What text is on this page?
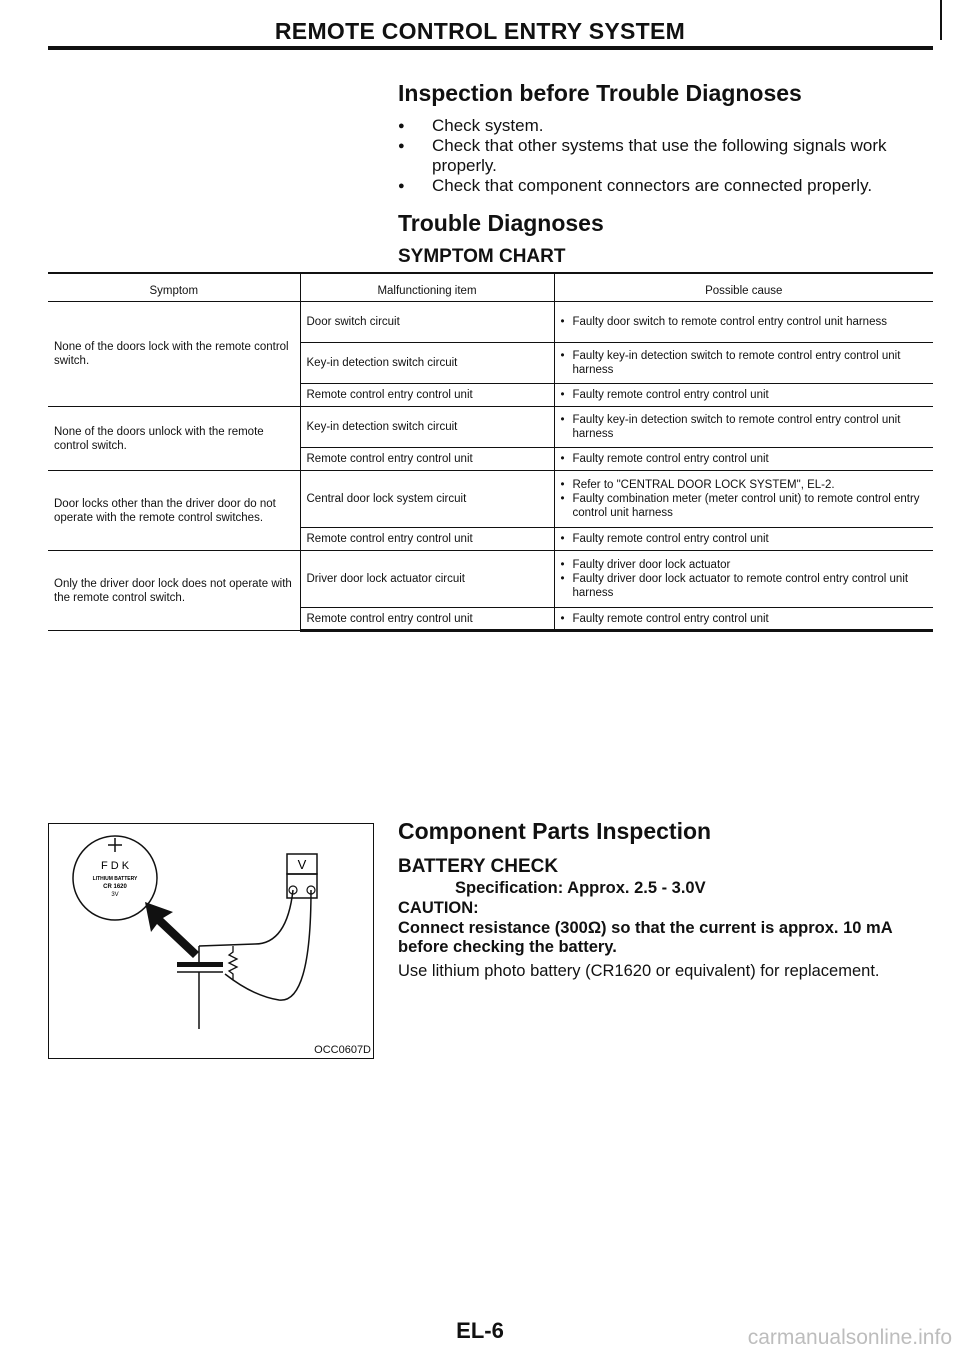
REMOTE CONTROL ENTRY SYSTEM
Inspection before Trouble Diagnoses
● Check system.
● Check that other systems that use the following signals work properly.
● Check that component connectors are connected properly.
Trouble Diagnoses
SYMPTOM CHART
Symptom	Malfunctioning item	Possible cause
None of the doors lock with the remote control switch.	Door switch circuit	• Faulty door switch to remote control entry control unit harness

	Key-in detection switch circuit	• Faulty key-in detection switch to remote control entry control unit harness

	Remote control entry control unit	• Faulty remote control entry control unit

None of the doors unlock with the remote control switch.	Key-in detection switch circuit	• Faulty key-in detection switch to remote control entry control unit harness

	Remote control entry control unit	• Faulty remote control entry control unit

Door locks other than the driver door do not operate with the remote control switches.	Central door lock system circuit	• Refer to "CENTRAL DOOR LOCK SYSTEM", EL-2.
• Faulty combination meter (meter control unit) to remote control entry control unit harness

	Remote control entry control unit	• Faulty remote control entry control unit

Only the driver door lock does not operate with the remote control switch.	Driver door lock actuator circuit	• Faulty driver door lock actuator
• Faulty driver door lock actuator to remote control entry control unit harness

	Remote control entry control unit	• Faulty remote control entry control unit
F D K
LITHIUM BATTERY
CR 1620
3V
V
OCC0607D
Component Parts Inspection
BATTERY CHECK
Specification: Approx. 2.5 - 3.0V
CAUTION:
Connect resistance (300Ω) so that the current is approx. 10 mA before checking the battery.
Use lithium photo battery (CR1620 or equivalent) for replacement.
EL-6	carmanualsonline.info
